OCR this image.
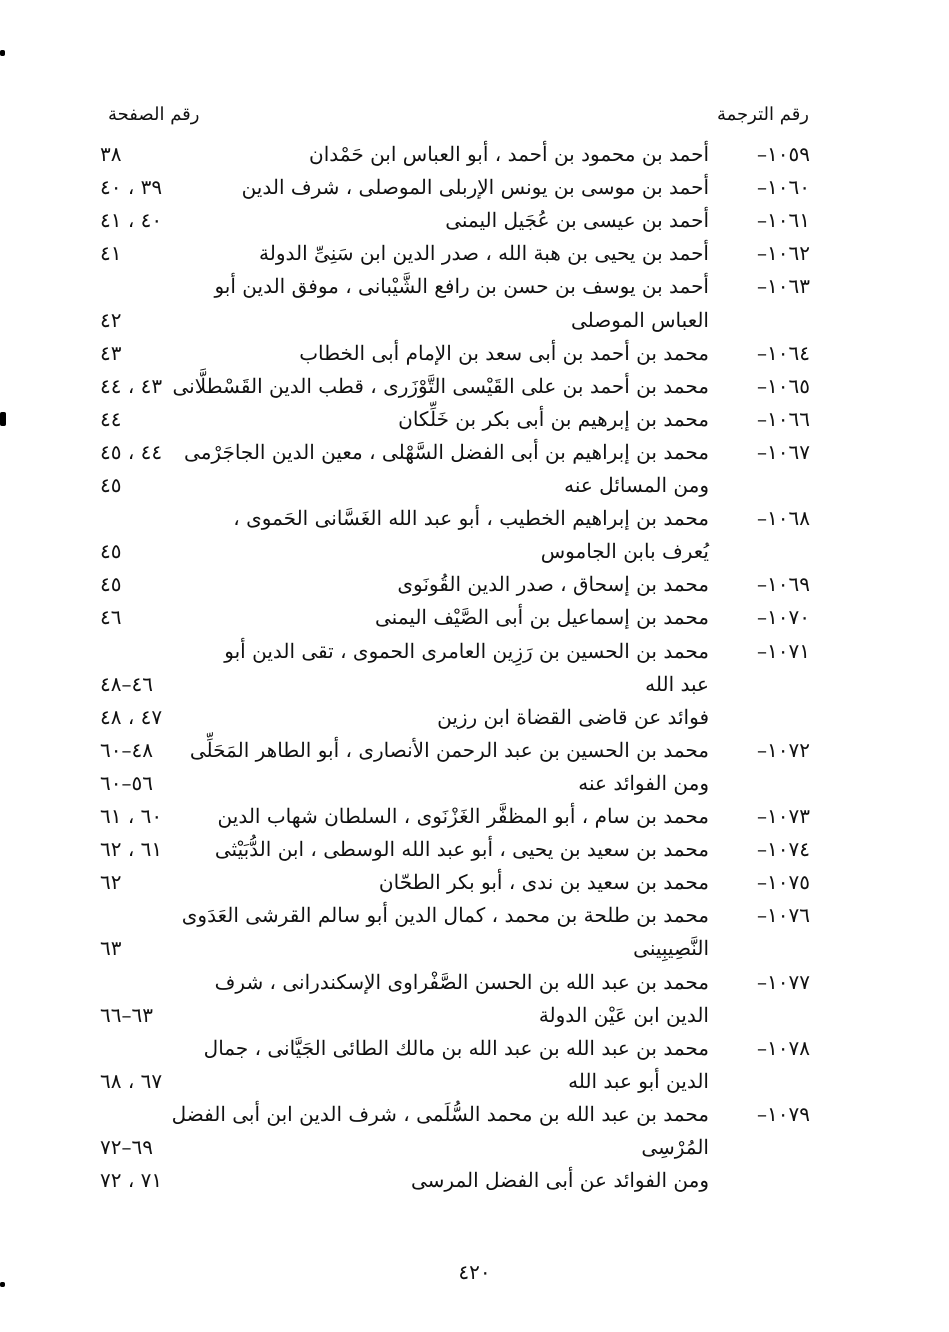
رقم الترجمة
رقم الصفحة
١٠٥٩–
أحمد بن محمود بن أحمد ، أبو العباس ابن حَمْدان
٣٨
١٠٦٠–
أحمد بن موسى بن يونس الإربلى الموصلى ، شرف الدين
٣٩ ، ٤٠
١٠٦١–
أحمد بن عيسى بن عُجَيل اليمنى
٤٠ ، ٤١
١٠٦٢–
أحمد بن يحيى بن هبة الله ، صدر الدين ابن سَنِىِّ الدولة
٤١
١٠٦٣–
أحمد بن يوسف بن حسن بن رافع الشَّيْبانى ، موفق الدين أبو
العباس الموصلى
٤٢
١٠٦٤–
محمد بن أحمد بن أبى سعد بن الإمام أبى الخطاب
٤٣
١٠٦٥–
محمد بن أحمد بن على القَيْسى التَّوْزَرى ، قطب الدين القَسْطلَّانى
٤٣ ، ٤٤
١٠٦٦–
محمد بن إبرهيم بن أبى بكر بن خَلِّكان
٤٤
١٠٦٧–
محمد بن إبراهيم بن أبى الفضل السَّهْلى ، معين الدين الجاجَرْمى
٤٤ ، ٤٥
ومن المسائل عنه
٤٥
١٠٦٨–
محمد بن إبراهيم الخطيب ، أبو عبد الله الغَسَّانى الحَموى ،
يُعرف بابن الجاموس
٤٥
١٠٦٩–
محمد بن إسحاق ، صدر الدين القُونَوى
٤٥
١٠٧٠–
محمد بن إسماعيل بن أبى الصَّيْف اليمنى
٤٦
١٠٧١–
محمد بن الحسين بن رَزِين العامرى الحموى ، تقى الدين أبو
عبد الله
٤٦–٤٨
فوائد عن قاضى القضاة ابن رزين
٤٧ ، ٤٨
١٠٧٢–
محمد بن الحسين بن عبد الرحمن الأنصارى ، أبو الطاهر المَحَلِّى
٤٨–٦٠
ومن الفوائد عنه
٥٦–٦٠
١٠٧٣–
محمد بن سام ، أبو المظفَّر الغَزْنَوى ، السلطان شهاب الدين
٦٠ ، ٦١
١٠٧٤–
محمد بن سعيد بن يحيى ، أبو عبد الله الوسطى ، ابن الدُّبَيْثى
٦١ ، ٦٢
١٠٧٥–
محمد بن سعيد بن ندى ، أبو بكر الطحّان
٦٢
١٠٧٦–
محمد بن طلحة بن محمد ، كمال الدين أبو سالم القرشى العَدَوى
النَّصِيبِينى
٦٣
١٠٧٧–
محمد بن عبد الله بن الحسن الصَّفْراوى الإسكندرانى ، شرف
الدين ابن عَيْن الدولة
٦٣–٦٦
١٠٧٨–
محمد بن عبد الله بن عبد الله بن مالك الطائى الجَيَّانى ، جمال
الدين أبو عبد الله
٦٧ ، ٦٨
١٠٧٩–
محمد بن عبد الله بن محمد السُّلَمى ، شرف الدين ابن أبى الفضل
المُرْسِى
٦٩–٧٢
ومن الفوائد عن أبى الفضل المرسى
٧١ ، ٧٢
٤٢٠
